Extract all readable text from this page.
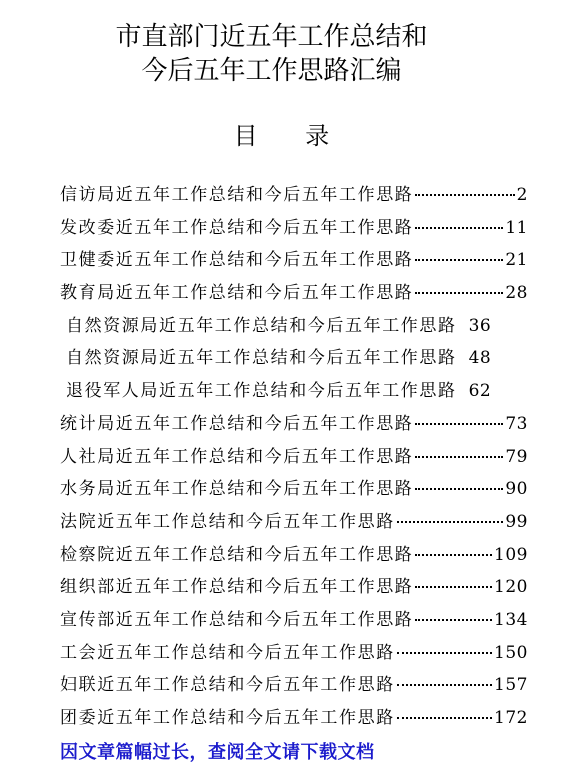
市直部门近五年工作总结和
今后五年工作思路汇编
目 录
信访局近五年工作总结和今后五年工作思路	2
发改委近五年工作总结和今后五年工作思路	11
卫健委近五年工作总结和今后五年工作思路	21
教育局近五年工作总结和今后五年工作思路	28
自然资源局近五年工作总结和今后五年工作思路 36
自然资源局近五年工作总结和今后五年工作思路 48
退役军人局近五年工作总结和今后五年工作思路 62
统计局近五年工作总结和今后五年工作思路	73
人社局近五年工作总结和今后五年工作思路	79
水务局近五年工作总结和今后五年工作思路	90
法院近五年工作总结和今后五年工作思路	99
检察院近五年工作总结和今后五年工作思路	109
组织部近五年工作总结和今后五年工作思路	120
宣传部近五年工作总结和今后五年工作思路	134
工会近五年工作总结和今后五年工作思路	150
妇联近五年工作总结和今后五年工作思路	157
团委近五年工作总结和今后五年工作思路	172
因文章篇幅过长，查阅全文请下载文档
